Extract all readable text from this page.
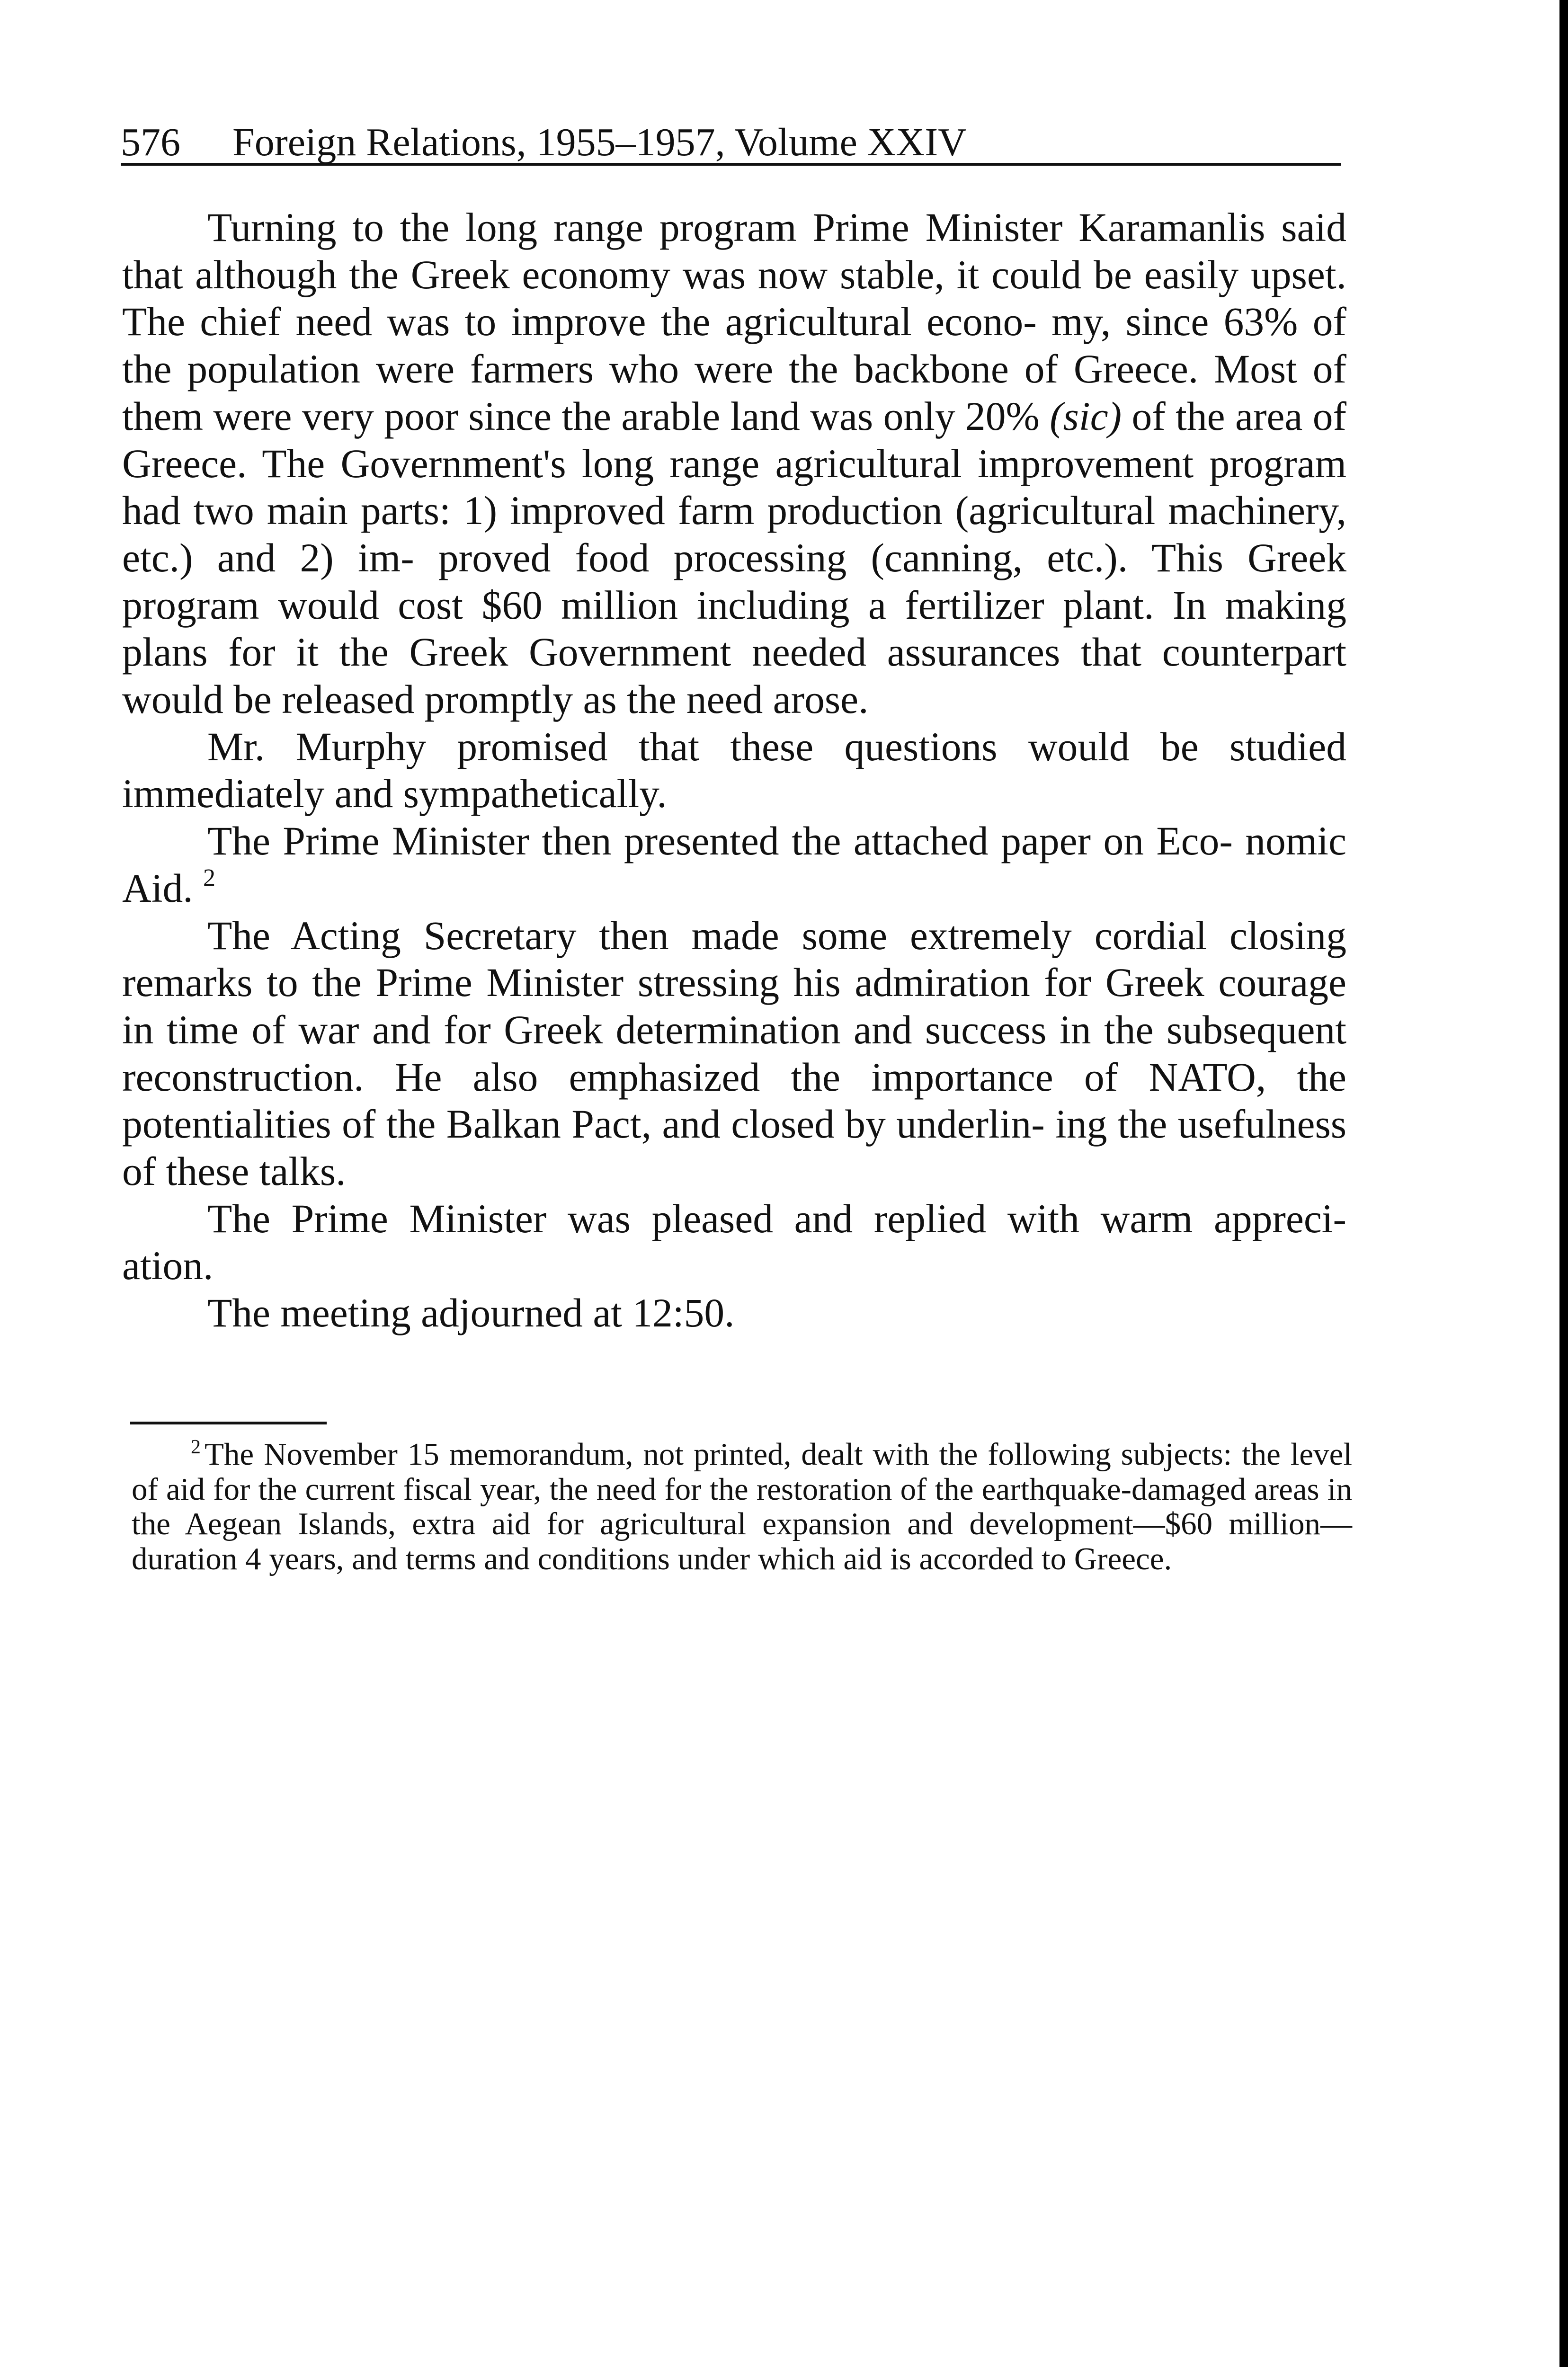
576 Foreign Relations, 1955–1957, Volume XXIV

Turning to the long range program Prime Minister Karamanlis said that although the Greek economy was now stable, it could be easily upset. The chief need was to improve the agricultural econo- my, since 63% of the population were farmers who were the backbone of Greece. Most of them were very poor since the arable land was only 20% (sic) of the area of Greece. The Government's long range agricultural improvement program had two main parts: 1) improved farm production (agricultural machinery, etc.) and 2) im- proved food processing (canning, etc.). This Greek program would cost $60 million including a fertilizer plant. In making plans for it the Greek Government needed assurances that counterpart would be released promptly as the need arose.

Mr. Murphy promised that these questions would be studied immediately and sympathetically.

The Prime Minister then presented the attached paper on Eco- nomic Aid. $^2$

The Acting Secretary then made some extremely cordial closing remarks to the Prime Minister stressing his admiration for Greek courage in time of war and for Greek determination and success in the subsequent reconstruction. He also emphasized the importance of NATO, the potentialities of the Balkan Pact, and closed by underlin- ing the usefulness of these talks.

The Prime Minister was pleased and replied with warm appreci- ation.

The meeting adjourned at 12:50.

$^2$ The November 15 memorandum, not printed, dealt with the following subjects: the level of aid for the current fiscal year, the need for the restoration of the earthquake-damaged areas in the Aegean Islands, extra aid for agricultural expansion and development—$60 million—duration 4 years, and terms and conditions under which aid is accorded to Greece.
